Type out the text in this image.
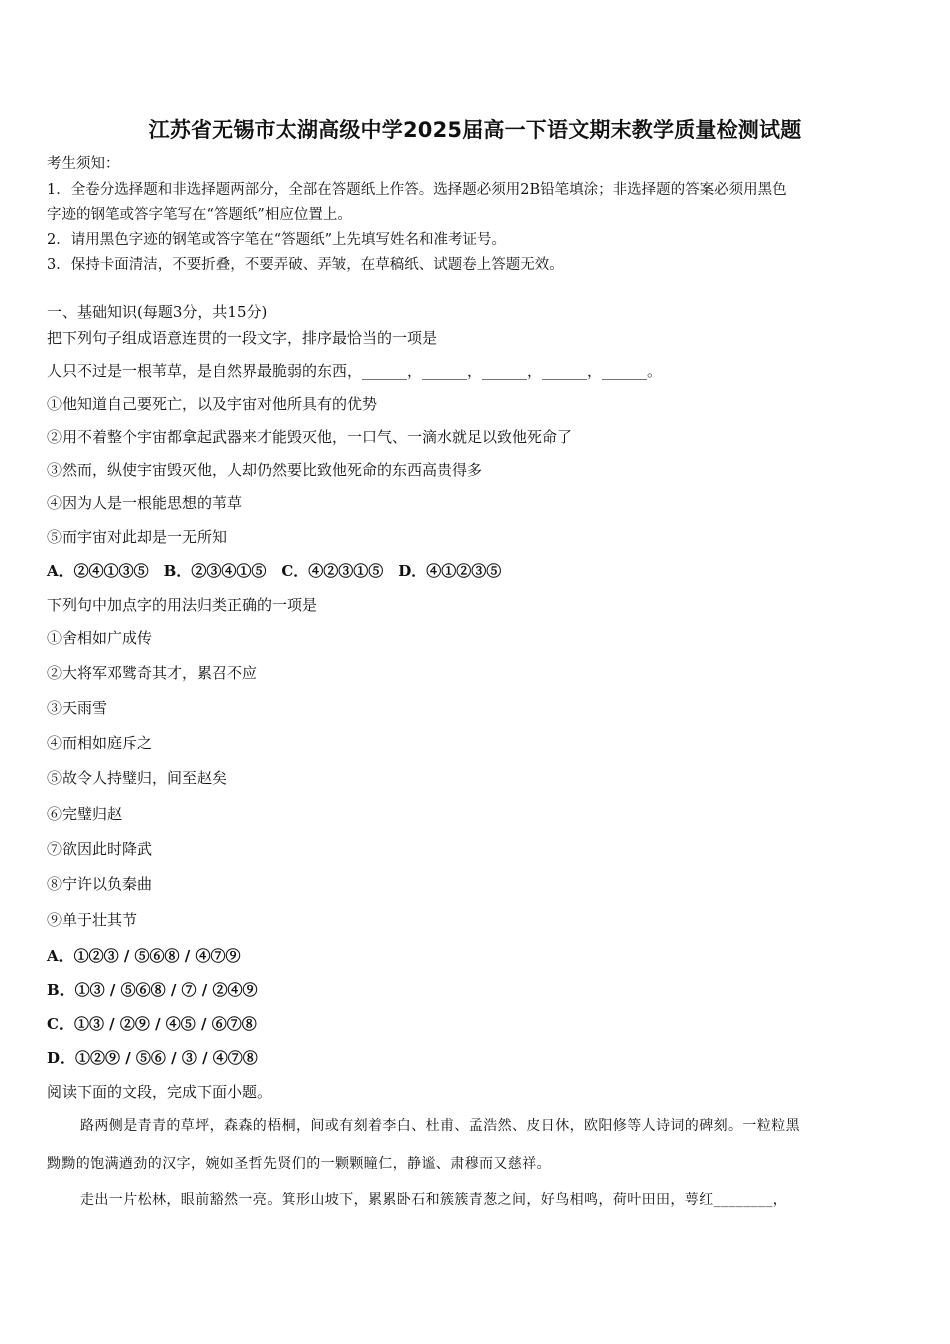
江苏省无锡市太湖高级中学2025届高一下语文期末教学质量检测试题
考生须知：
1．全卷分选择题和非选择题两部分，全部在答题纸上作答。选择题必须用2B铅笔填涂；非选择题的答案必须用黑色
字迹的钢笔或答字笔写在“答题纸”相应位置上。
2．请用黑色字迹的钢笔或答字笔在“答题纸”上先填写姓名和准考证号。
3．保持卡面清洁，不要折叠，不要弄破、弄皱，在草稿纸、试题卷上答题无效。
一、基础知识(每题3分，共15分)
把下列句子组成语意连贯的一段文字，排序最恰当的一项是
人只不过是一根苇草，是自然界最脆弱的东西，______，______，______，______，______。
①他知道自己要死亡，以及宇宙对他所具有的优势
②用不着整个宇宙都拿起武器来才能毁灭他，一口气、一滴水就足以致他死命了
③然而，纵使宇宙毁灭他，人却仍然要比致他死命的东西高贵得多
④因为人是一根能思想的苇草
⑤而宇宙对此却是一无所知
A．②④①③⑤　B．②③④①⑤　C．④②③①⑤　D．④①②③⑤
下列句中加点字的用法归类正确的一项是
①舍相如广成传
②大将军邓骘奇其才，累召不应
③天雨雪
④而相如庭斥之
⑤故令人持璧归，间至赵矣
⑥完璧归赵
⑦欲因此时降武
⑧宁许以负秦曲
⑨单于壮其节
A．①②③ / ⑤⑥⑧ / ④⑦⑨
B．①③ / ⑤⑥⑧ / ⑦ / ②④⑨
C．①③ / ②⑨ / ④⑤ / ⑥⑦⑧
D．①②⑨ / ⑤⑥ / ③ / ④⑦⑧
阅读下面的文段，完成下面小题。
路两侧是青青的草坪，森森的梧桐，间或有刻着李白、杜甫、孟浩然、皮日休，欧阳修等人诗词的碑刻。一粒粒黑
黝黝的饱满遒劲的汉字，婉如圣哲先贤们的一颗颗瞳仁，静谧、肃穆而又慈祥。
走出一片松林，眼前豁然一亮。箕形山坡下，累累卧石和簇簇青葱之间，好鸟相鸣，荷叶田田，萼红________，
